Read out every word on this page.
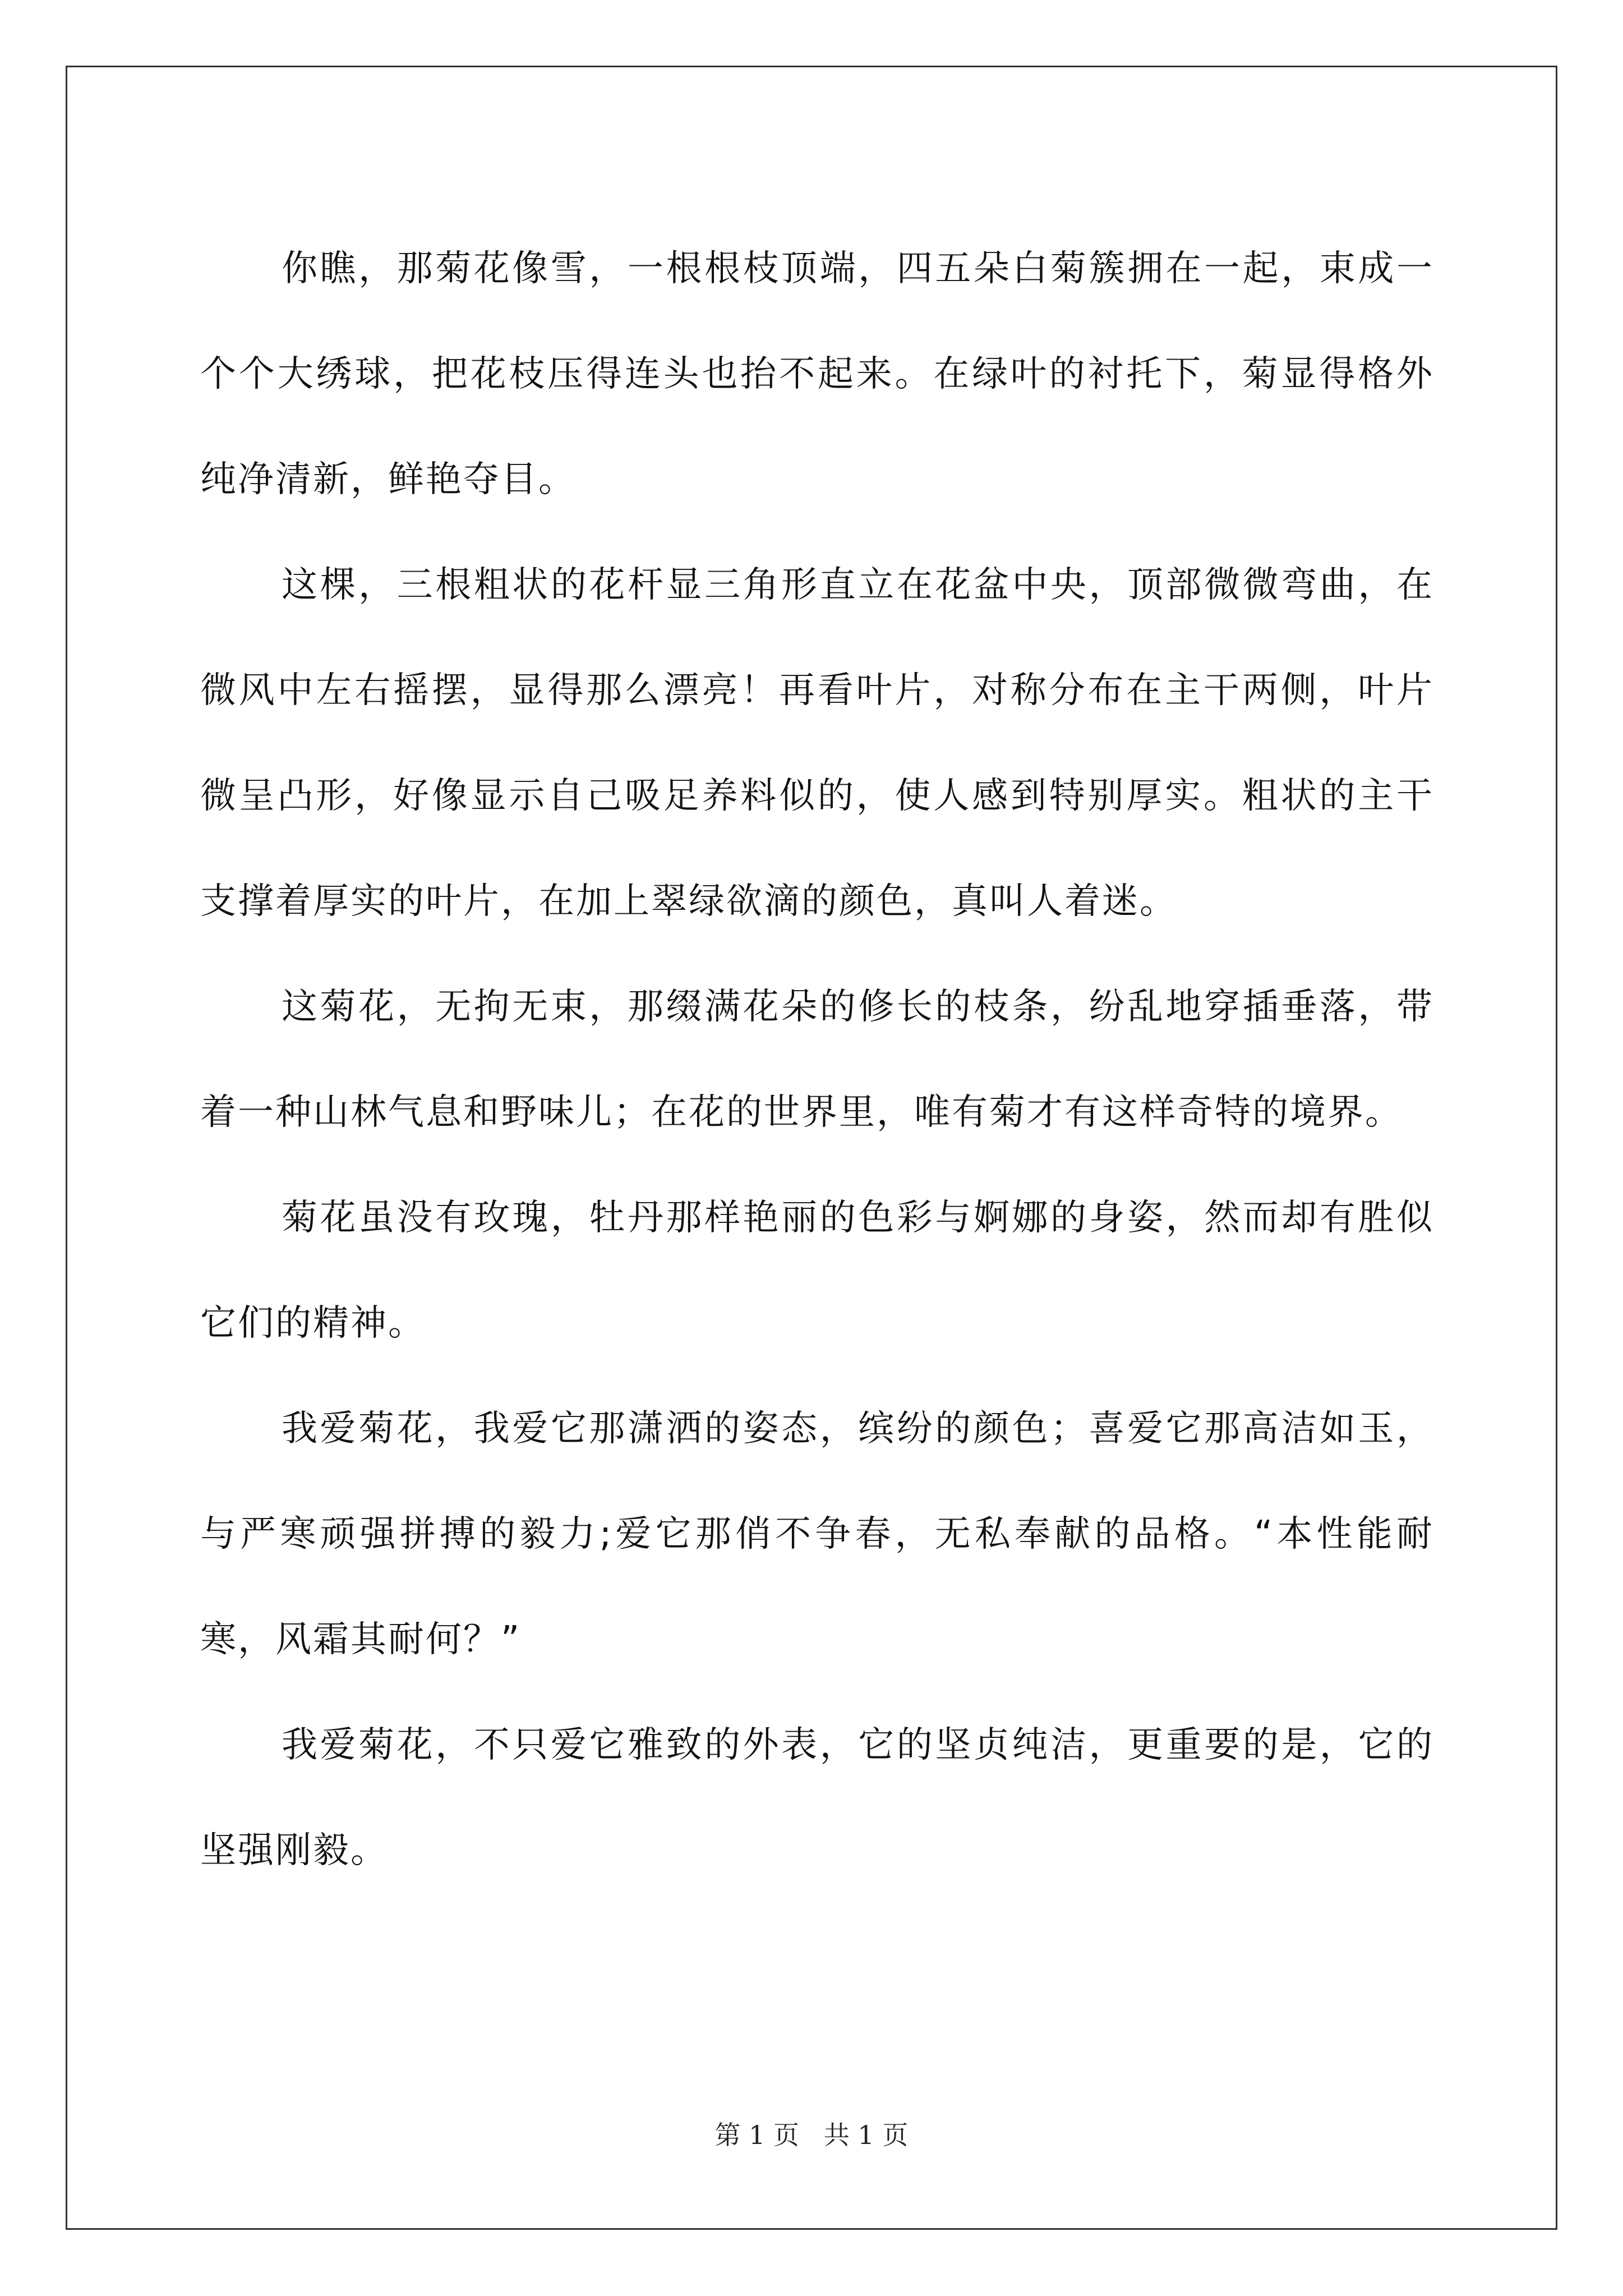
你瞧，那菊花像雪，一根根枝顶端，四五朵白菊簇拥在一起，束成一个个大绣球，把花枝压得连头也抬不起来。在绿叶的衬托下，菊显得格外纯净清新，鲜艳夺目。

这棵，三根粗状的花杆显三角形直立在花盆中央，顶部微微弯曲，在微风中左右摇摆，显得那么漂亮！再看叶片，对称分布在主干两侧，叶片微呈凸形，好像显示自己吸足养料似的，使人感到特别厚实。粗状的主干支撑着厚实的叶片，在加上翠绿欲滴的颜色，真叫人着迷。

这菊花，无拘无束，那缀满花朵的修长的枝条，纷乱地穿插垂落，带着一种山林气息和野味儿；在花的世界里，唯有菊才有这样奇特的境界。

菊花虽没有玫瑰，牡丹那样艳丽的色彩与婀娜的身姿，然而却有胜似它们的精神。

我爱菊花，我爱它那潇洒的姿态，缤纷的颜色；喜爱它那高洁如玉，与严寒顽强拼搏的毅力;爱它那俏不争春，无私奉献的品格。“本性能耐寒，风霜其耐何？”

我爱菊花，不只爱它雅致的外表，它的坚贞纯洁，更重要的是，它的坚强刚毅。

第 1 页   共 1 页
